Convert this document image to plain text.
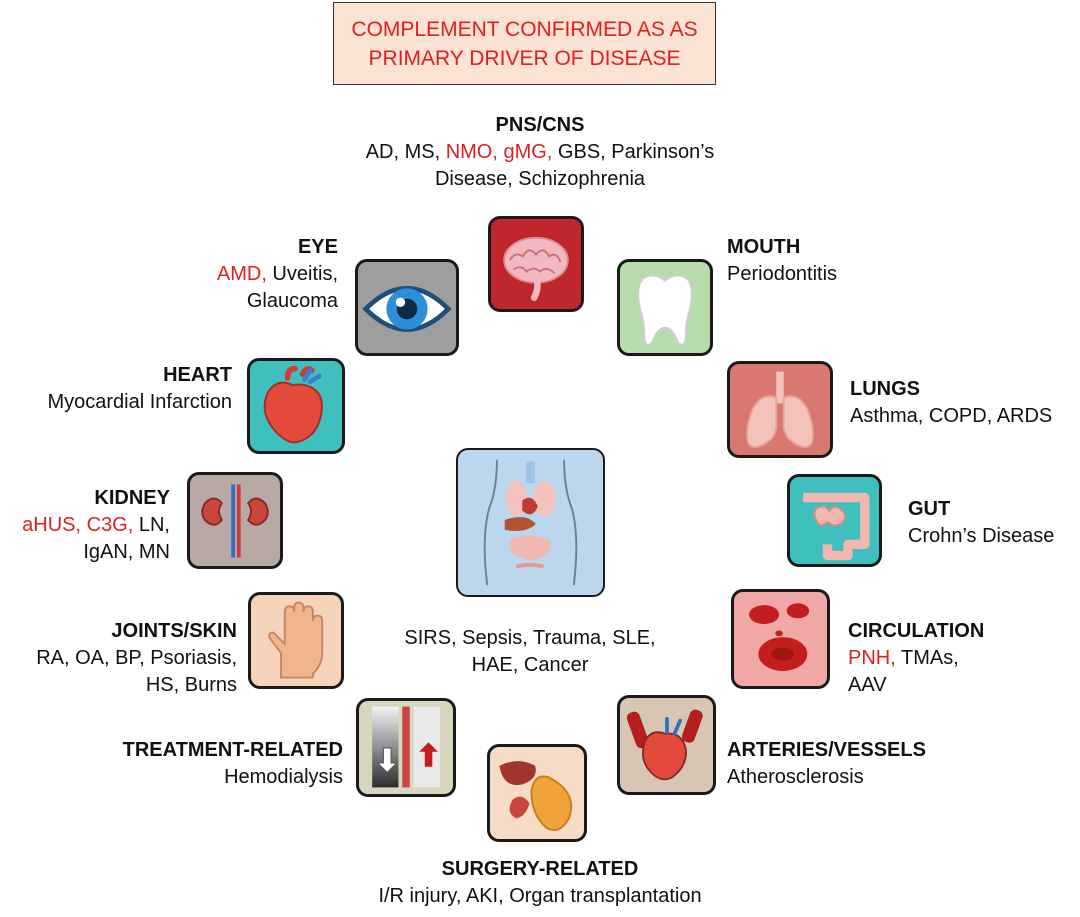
COMPLEMENT CONFIRMED AS AS
PRIMARY DRIVER OF DISEASE
PNS/CNS
AD, MS, NMO, gMG, GBS, Parkinson’s
Disease, Schizophrenia
EYE
AMD, Uveitis,
Glaucoma
MOUTH
Periodontitis
HEART
Myocardial Infarction
LUNGS
Asthma, COPD, ARDS
KIDNEY
aHUS, C3G, LN,
IgAN, MN
GUT
Crohn’s Disease
SIRS, Sepsis, Trauma, SLE,
HAE, Cancer
JOINTS/SKIN
RA, OA, BP, Psoriasis,
HS, Burns
CIRCULATION
PNH, TMAs,
AAV
TREATMENT-RELATED
Hemodialysis
ARTERIES/VESSELS
Atherosclerosis
SURGERY-RELATED
I/R injury, AKI, Organ transplantation
